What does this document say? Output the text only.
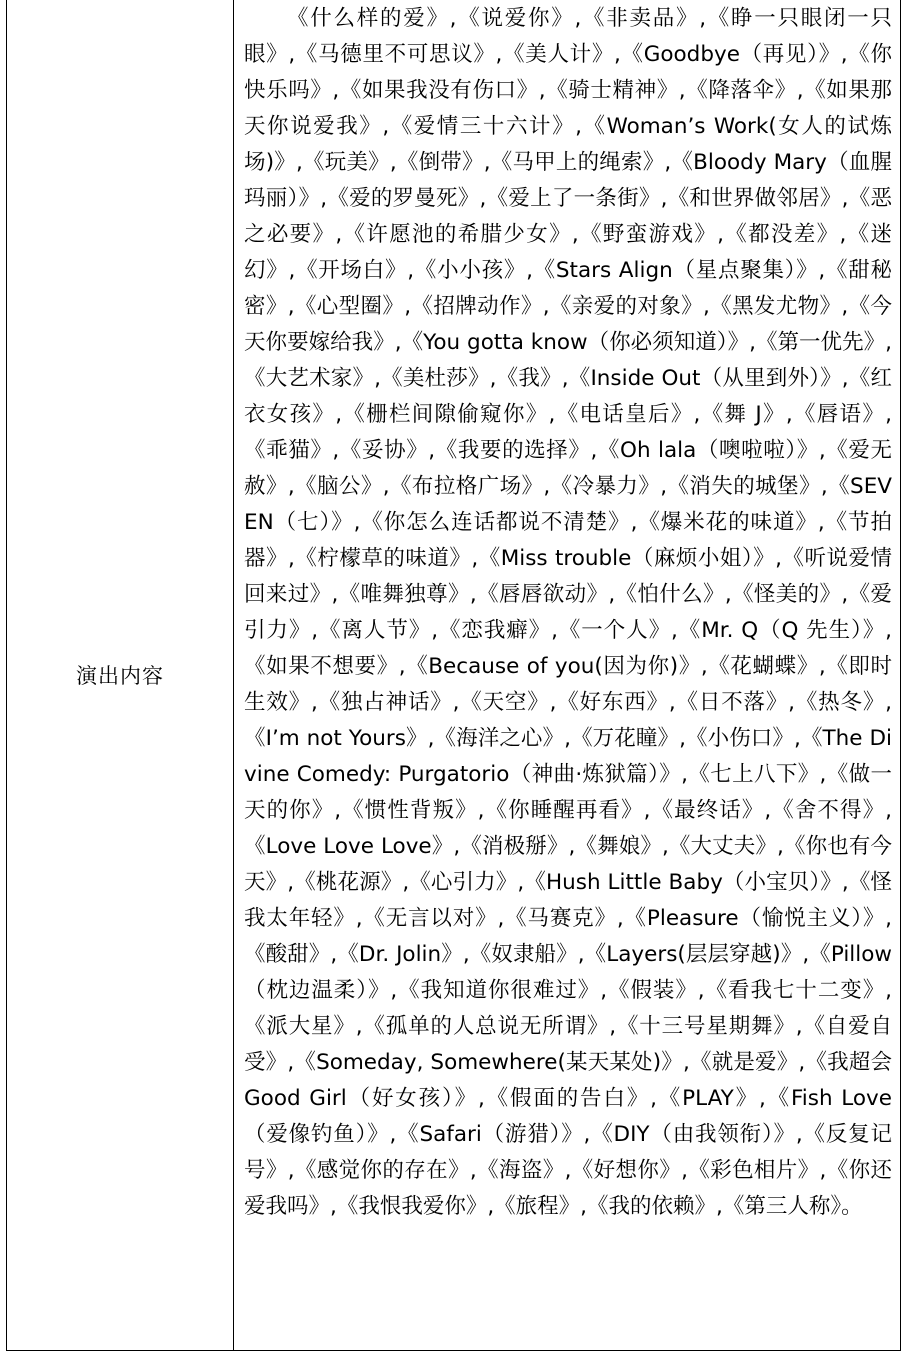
演出内容
《什么样的爱》,《说爱你》,《非卖品》,《睁一只眼闭一只眼》,《马德里不可思议》,《美人计》,《Goodbye（再见）》,《你快乐吗》,《如果我没有伤口》,《骑士精神》,《降落伞》,《如果那天你说爱我》,《爱情三十六计》,《Woman’s Work(女人的试炼场)》,《玩美》,《倒带》,《马甲上的绳索》,《Bloody Mary（血腥玛丽）》,《爱的罗曼死》,《爱上了一条街》,《和世界做邻居》,《恶之必要》,《许愿池的希腊少女》,《野蛮游戏》,《都没差》,《迷幻》,《开场白》,《小小孩》,《Stars Align（星点聚集）》,《甜秘密》,《心型圈》,《招牌动作》,《亲爱的对象》,《黑发尤物》,《今天你要嫁给我》,《You gotta know（你必须知道）》,《第一优先》,《大艺术家》,《美杜莎》,《我》,《Inside Out（从里到外）》,《红衣女孩》,《栅栏间隙偷窥你》,《电话皇后》,《舞 J》,《唇语》,《乖猫》,《妥协》,《我要的选择》,《Oh lala（噢啦啦）》,《爱无赦》,《脑公》,《布拉格广场》,《冷暴力》,《消失的城堡》,《SEVEN（七）》,《你怎么连话都说不清楚》,《爆米花的味道》,《节拍器》,《柠檬草的味道》,《Miss trouble（麻烦小姐）》,《听说爱情回来过》,《唯舞独尊》,《唇唇欲动》,《怕什么》,《怪美的》,《爱引力》,《离人节》,《恋我癖》,《一个人》,《Mr. Q（Q 先生）》,《如果不想要》,《Because of you(因为你)》,《花蝴蝶》,《即时生效》,《独占神话》,《天空》,《好东西》,《日不落》,《热冬》,《I’m not Yours》,《海洋之心》,《万花瞳》,《小伤口》,《The Divine Comedy: Purgatorio（神曲·炼狱篇）》,《七上八下》,《做一天的你》,《惯性背叛》,《你睡醒再看》,《最终话》,《舍不得》,《Love Love Love》,《消极掰》,《舞娘》,《大丈夫》,《你也有今天》,《桃花源》,《心引力》,《Hush Little Baby（小宝贝）》,《怪我太年轻》,《无言以对》,《马赛克》,《Pleasure（愉悦主义）》,《酸甜》,《Dr. Jolin》,《奴隶船》,《Layers(层层穿越)》,《Pillow（枕边温柔）》,《我知道你很难过》,《假装》,《看我七十二变》,《派大星》,《孤单的人总说无所谓》,《十三号星期舞》,《自爱自受》,《Someday, Somewhere(某天某处)》,《就是爱》,《我超会 Good Girl（好女孩）》,《假面的告白》,《PLAY》,《Fish Love（爱像钓鱼）》,《Safari（游猎）》,《DIY（由我领衔）》,《反复记号》,《感觉你的存在》,《海盗》,《好想你》,《彩色相片》,《你还爱我吗》,《我恨我爱你》,《旅程》,《我的依赖》,《第三人称》。
